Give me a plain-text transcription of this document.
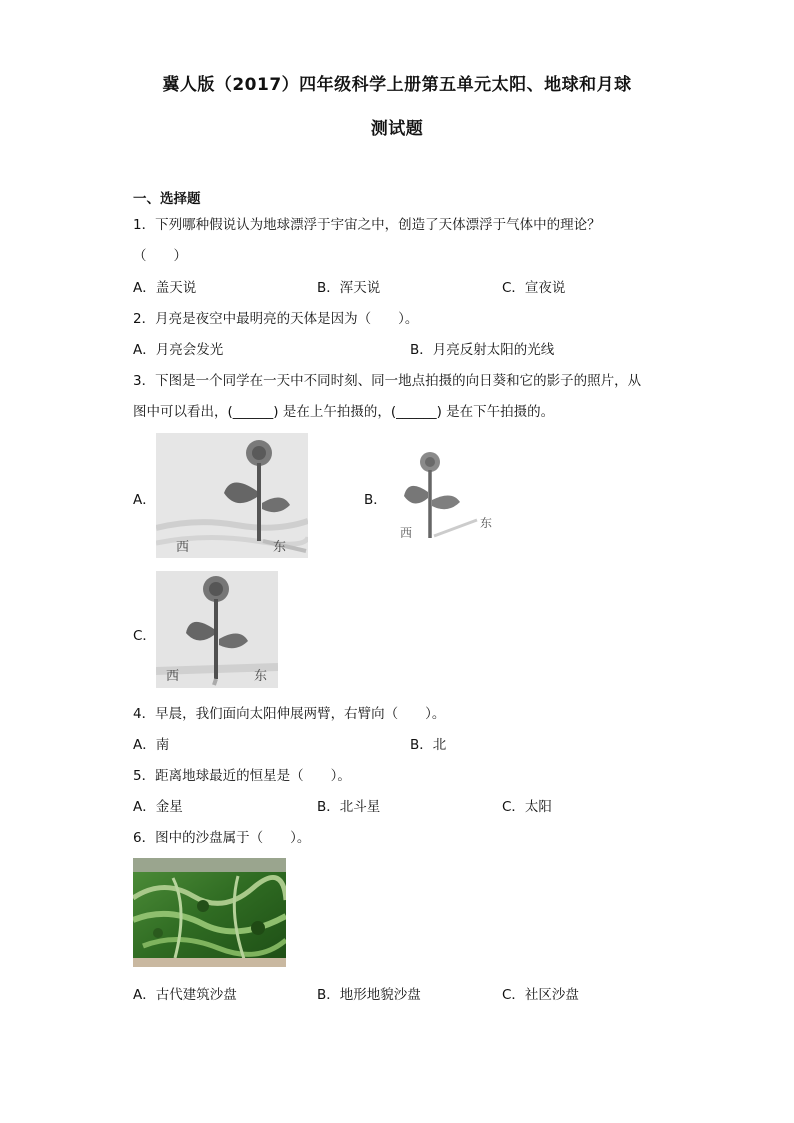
冀人版（2017）四年级科学上册第五单元太阳、地球和月球
测试题
一、选择题
1．下列哪种假说认为地球漂浮于宇宙之中，创造了天体漂浮于气体中的理论？
（　　）
A．盖天说	B．浑天说	C．宣夜说
2．月亮是夜空中最明亮的天体是因为（　　）。
A．月亮会发光	B．月亮反射太阳的光线
3．下图是一个同学在一天中不同时刻、同一地点拍摄的向日葵和它的影子的照片，从
图中可以看出，(______) 是在上午拍摄的，(______) 是在下午拍摄的。
A．
西	东
B．
西
东
C．
西	东
4．早晨，我们面向太阳伸展两臂，右臂向（　　）。
A．南	B．北
5．距离地球最近的恒星是（　　）。
A．金星	B．北斗星	C．太阳
6．图中的沙盘属于（　　）。
A．古代建筑沙盘	B．地形地貌沙盘	C．社区沙盘
